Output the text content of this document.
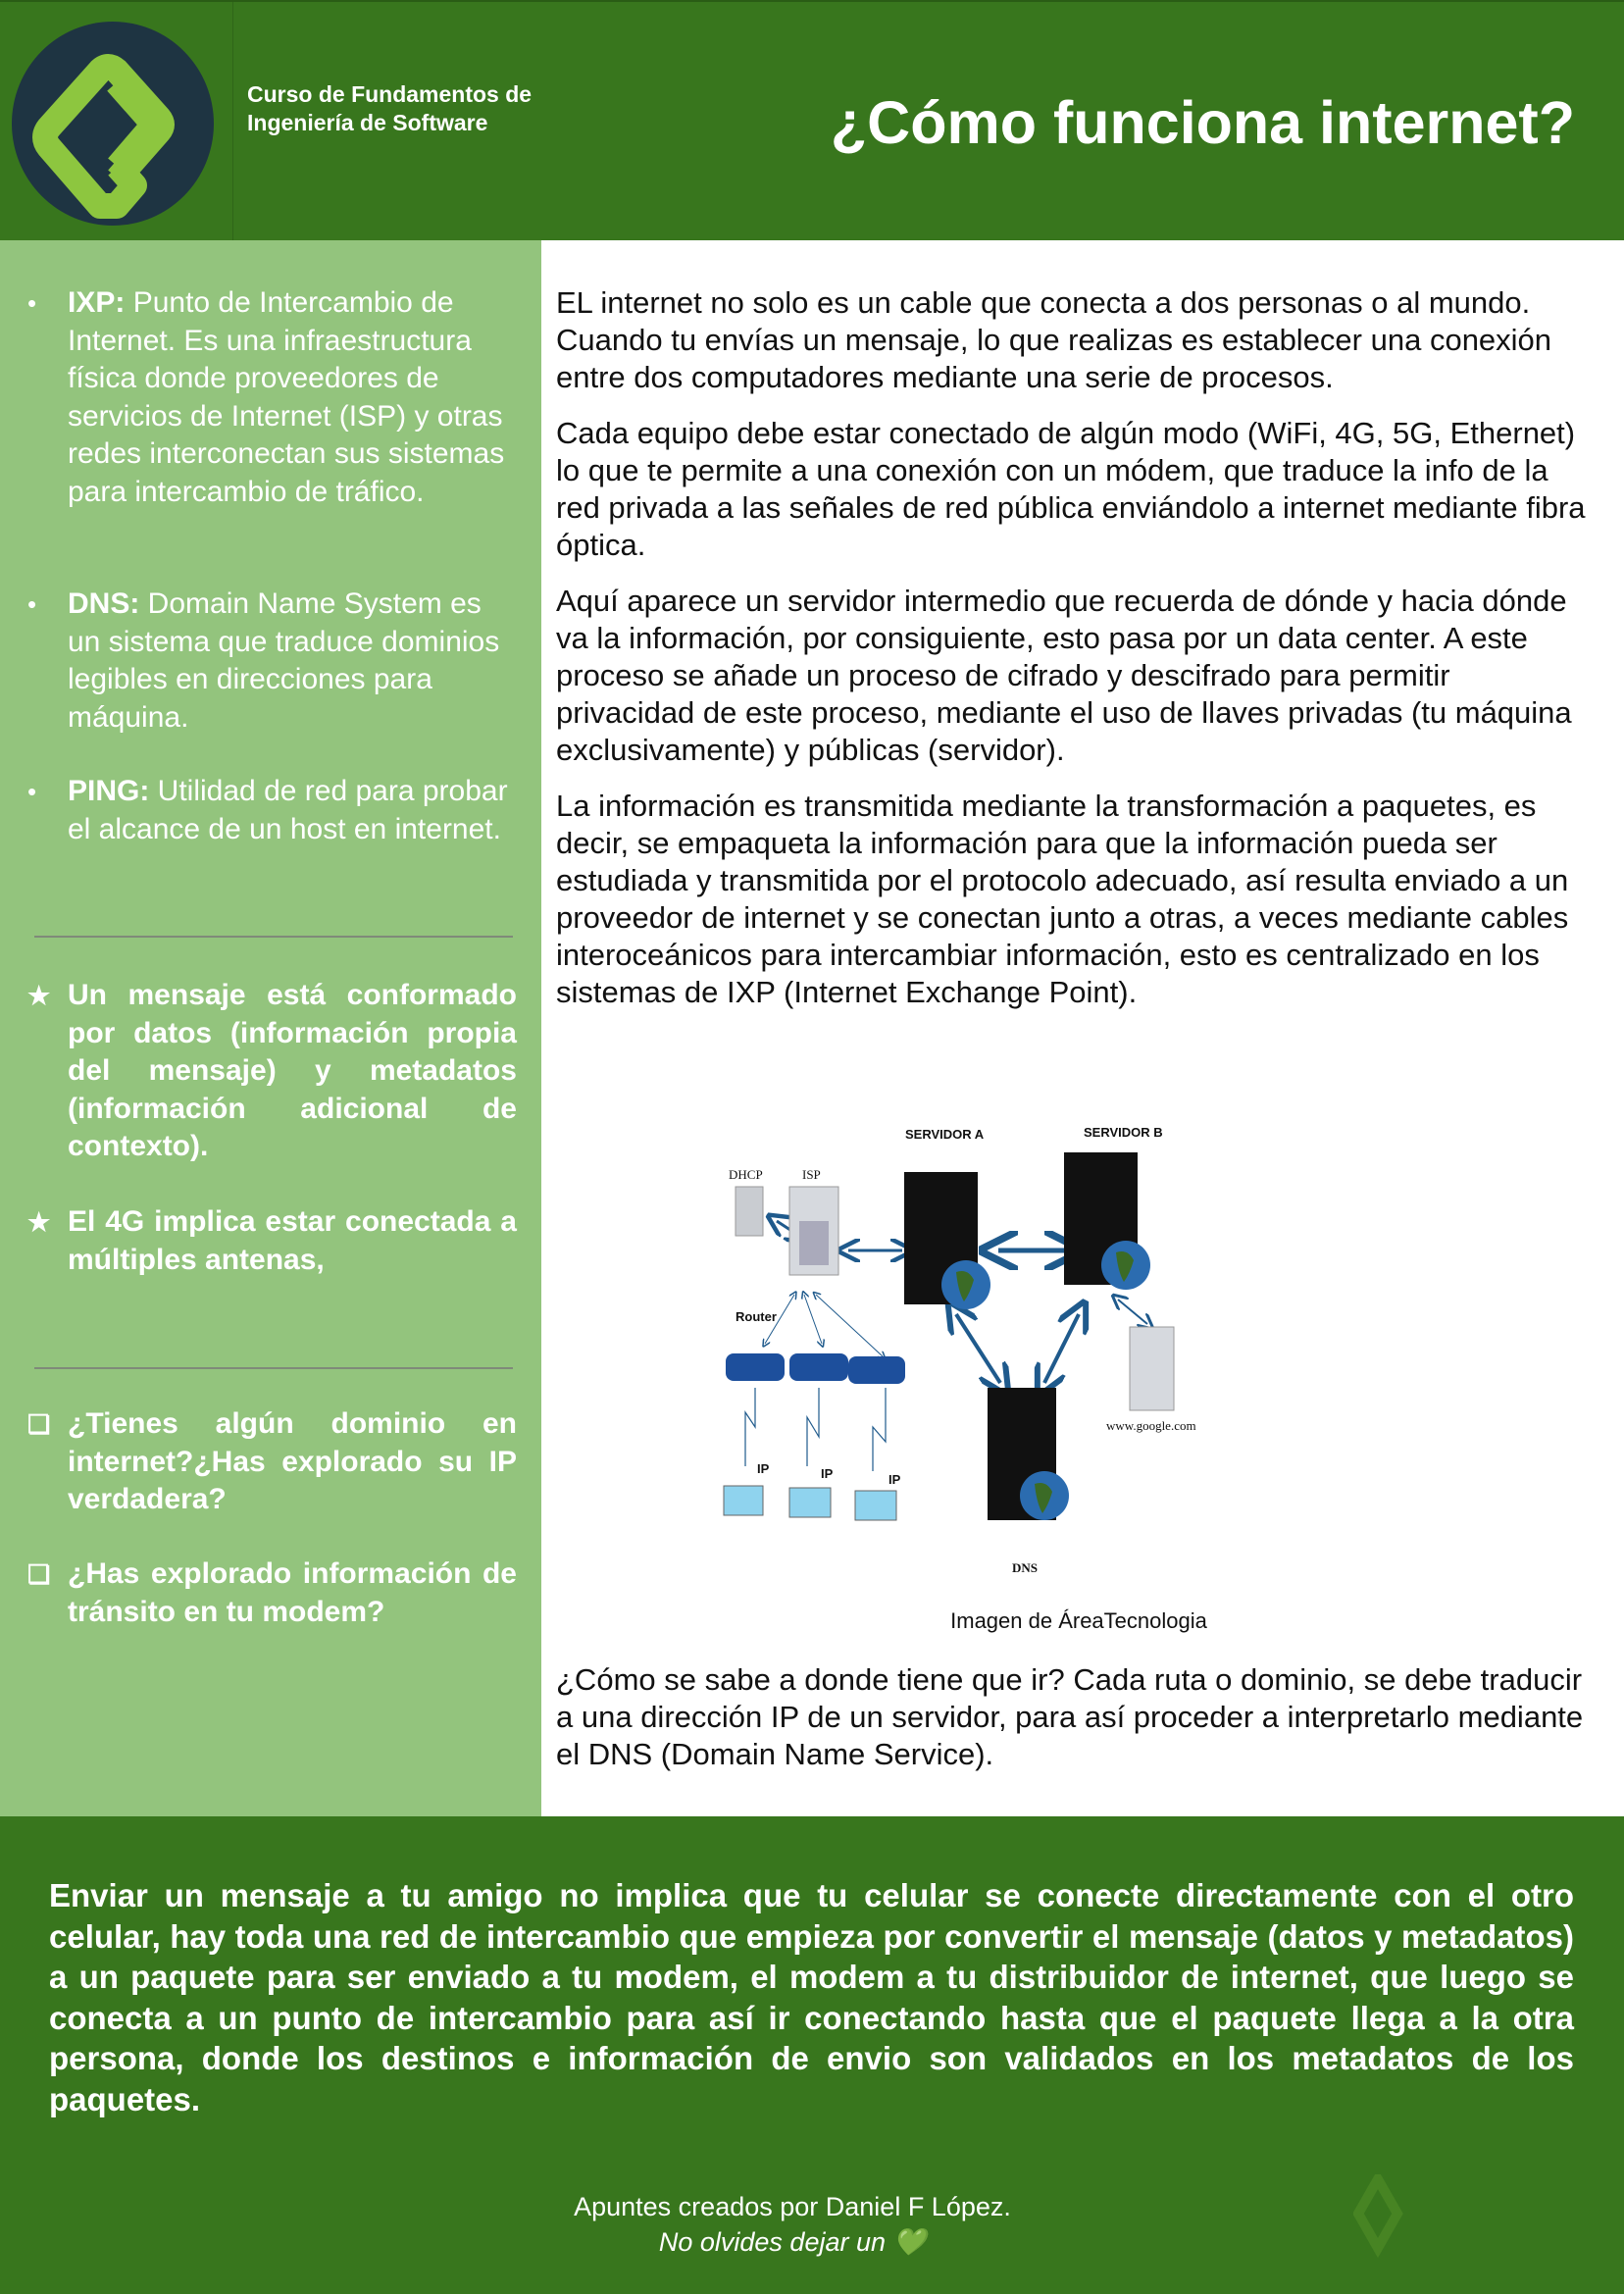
Curso de Fundamentos de Ingeniería de Software	¿Cómo funciona internet?
• IXP: Punto de Intercambio de Internet. Es una infraestructura física donde proveedores de servicios de Internet (ISP) y otras redes interconectan sus sistemas para intercambio de tráfico.
• DNS: Domain Name System es un sistema que traduce dominios legibles en direcciones para máquina.
• PING: Utilidad de red para probar el alcance de un host en internet.
★ Un mensaje está conformado por datos (información propia del mensaje) y metadatos (información adicional de contexto).
★ El 4G implica estar conectada a múltiples antenas,
❏ ¿Tienes algún dominio en internet?¿Has explorado su IP verdadera?
❏ ¿Has explorado información de tránsito en tu modem?

EL internet no solo es un cable que conecta a dos personas o al mundo. Cuando tu envías un mensaje, lo que realizas es establecer una conexión entre dos computadores mediante una serie de procesos.

Cada equipo debe estar conectado de algún modo (WiFi, 4G, 5G, Ethernet) lo que te permite a una conexión con un módem, que traduce la info de la red privada a las señales de red pública enviándolo a internet mediante fibra óptica.

Aquí aparece un servidor intermedio que recuerda de dónde y hacia dónde va la información, por consiguiente, esto pasa por un data center. A este proceso se añade un proceso de cifrado y descifrado para permitir privacidad de este proceso, mediante el uso de llaves privadas (tu máquina exclusivamente) y públicas (servidor).

La información es transmitida mediante la transformación a paquetes, es decir, se empaqueta la información para que la información pueda ser estudiada y transmitida por el protocolo adecuado, así resulta enviado a un proveedor de internet y se conectan junto a otras, a veces mediante cables interoceánicos para intercambiar información, esto es centralizado en los sistemas de IXP (Internet Exchange Point).

DHCP	ISP
SERVIDOR A	SERVIDOR B
Router
IP	IP	IP
DNS
www.google.com
Imagen de ÁreaTecnologia
¿Cómo se sabe a donde tiene que ir? Cada ruta o dominio, se debe traducir a una dirección IP de un servidor, para así proceder a interpretarlo mediante el DNS (Domain Name Service).
Enviar un mensaje a tu amigo no implica que tu celular se conecte directamente con el otro celular, hay toda una red de intercambio que empieza por convertir el mensaje (datos y metadatos) a un paquete para ser enviado a tu modem, el modem a tu distribuidor de internet, que luego se conecta a un punto de intercambio para así ir conectando hasta que el paquete llega a la otra persona, donde los destinos e información de envio son validados en los metadatos de los paquetes.
Apuntes creados por Daniel F López.
No olvides dejar un 💚
